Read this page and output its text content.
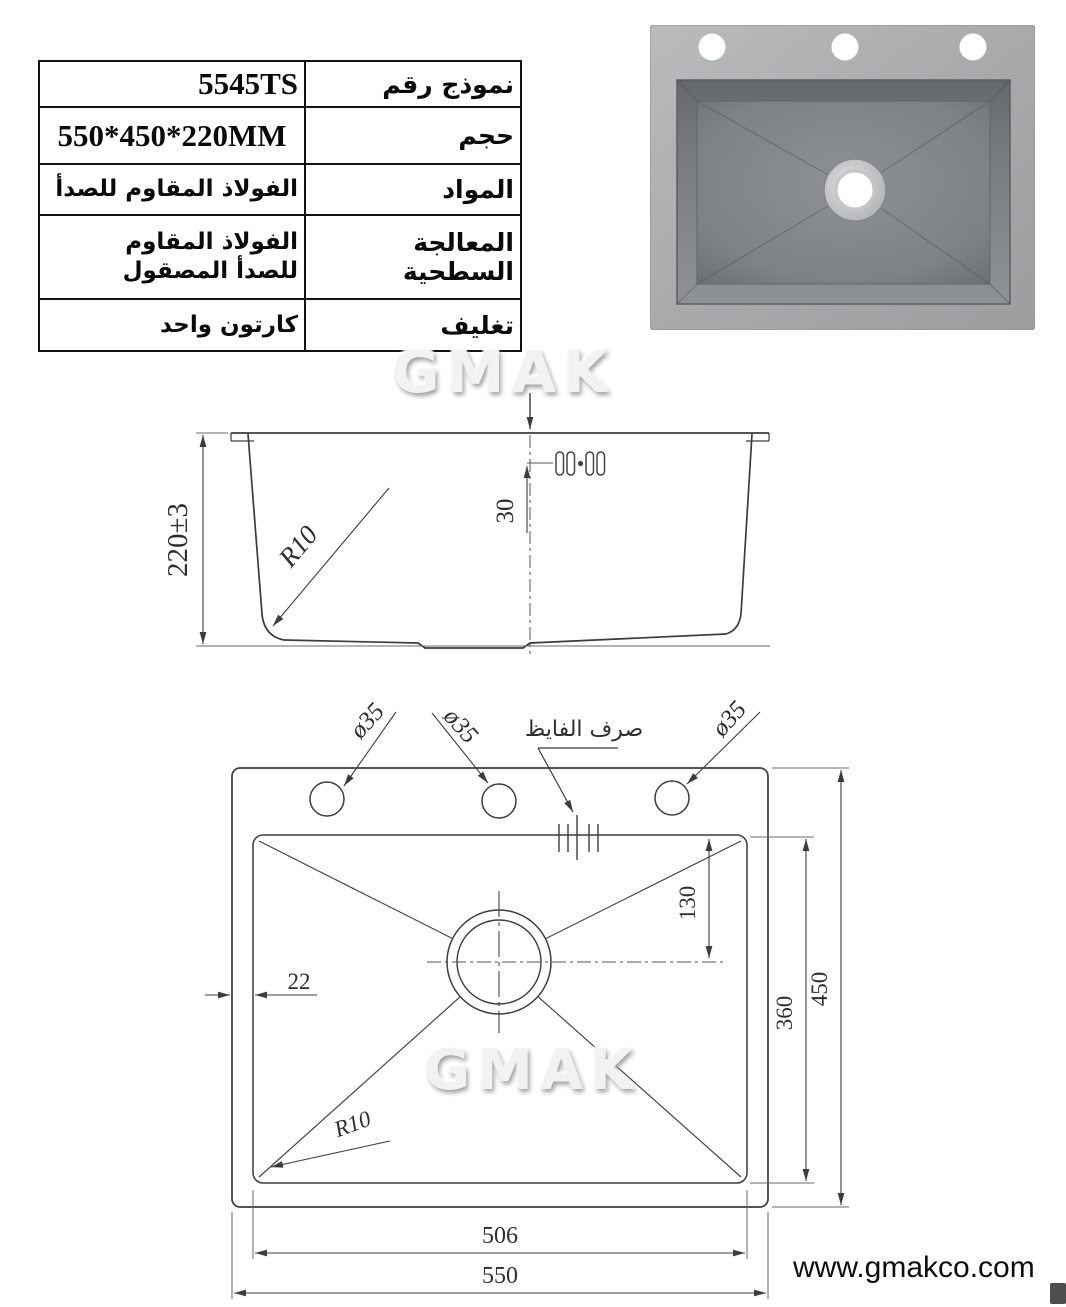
5545TS	نموذج رقم
550*450*220MM	حجم
الفولاذ المقاوم للصدأ	المواد

الفولاذ المقاوم للصدأ المصقول	المعالجة السطحية
كارتون واحد	تغليف
GMAK
220±3	R10
30
ø35 ø35	ø35
صرف الفايظ
130
22
360
450
506
550
R10
GMAK
www.gmakco.com
